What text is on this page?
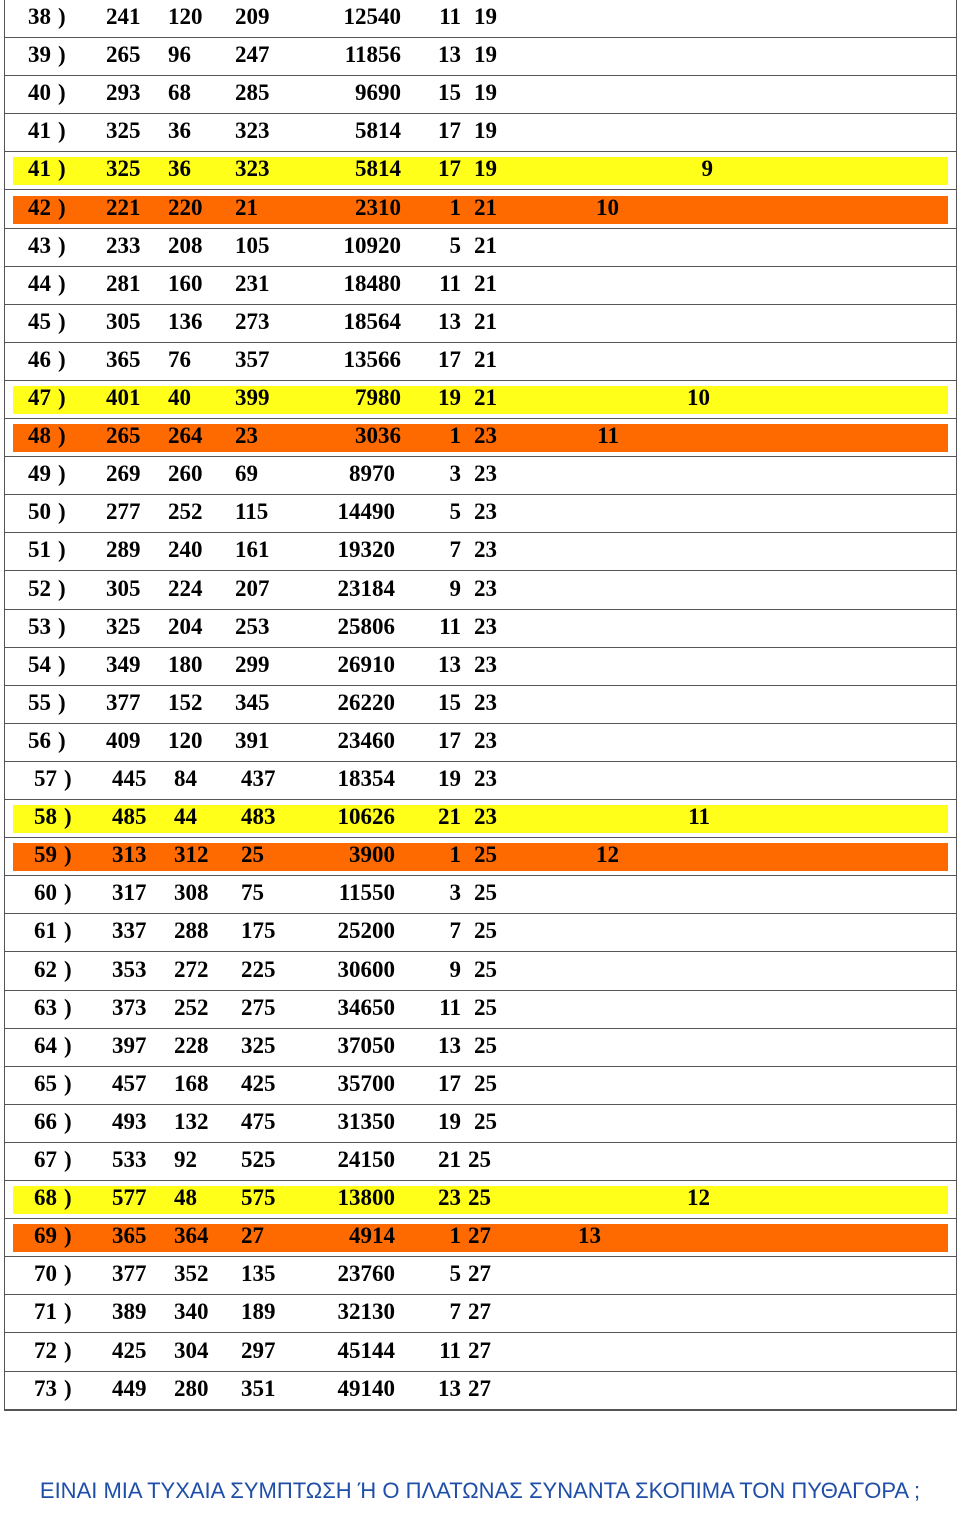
38 ) 241 120 209	12540	11 19
39 ) 265 96 247	11856	13 19
40 ) 293 68 285	9690	15 19
41 ) 325 36 323	5814	17 19
41 ) 325 36 323	5814	17 19	9
42 ) 221 220 21	2310	1 21	10
43 ) 233 208 105	10920	5 21
44 ) 281 160 231	18480	11 21
45 ) 305 136 273	18564	13 21
46 ) 365 76 357	13566	17 21
47 ) 401 40 399	7980	19 21	10
48 ) 265 264 23	3036	1 23	11
49 ) 269 260 69	8970	3 23
50 ) 277 252 115	14490	5 23
51 ) 289 240 161	19320	7 23
52 ) 305 224 207	23184	9 23
53 ) 325 204 253	25806	11 23
54 ) 349 180 299	26910	13 23
55 ) 377 152 345	26220	15 23
56 ) 409 120 391	23460	17 23
57 ) 445 84 437	18354	19 23
58 ) 485 44 483	10626	21 23	11
59 ) 313 312 25	3900	1 25	12
60 ) 317 308 75	11550	3 25
61 ) 337 288 175	25200	7 25
62 ) 353 272 225	30600	9 25
63 ) 373 252 275	34650	11 25
64 ) 397 228 325	37050	13 25
65 ) 457 168 425	35700	17 25
66 ) 493 132 475	31350	19 25
67 ) 533 92 525	24150	21 25
68 ) 577 48 575	13800	23 25	12
69 ) 365 364 27	4914	1 27	13
70 ) 377 352 135	23760	5 27
71 ) 389 340 189	32130	7 27
72 ) 425 304 297	45144	11 27
73 ) 449 280 351	49140	13 27
ΕΙΝΑΙ ΜΙΑ ΤΥΧΑΙΑ ΣΥΜΠΤΩΣΗ Ή Ο ΠΛΑΤΩΝΑΣ ΣΥΝΑΝΤΑ ΣΚΟΠΙΜΑ ΤΟΝ ΠΥΘΑΓΟΡΑ ;
